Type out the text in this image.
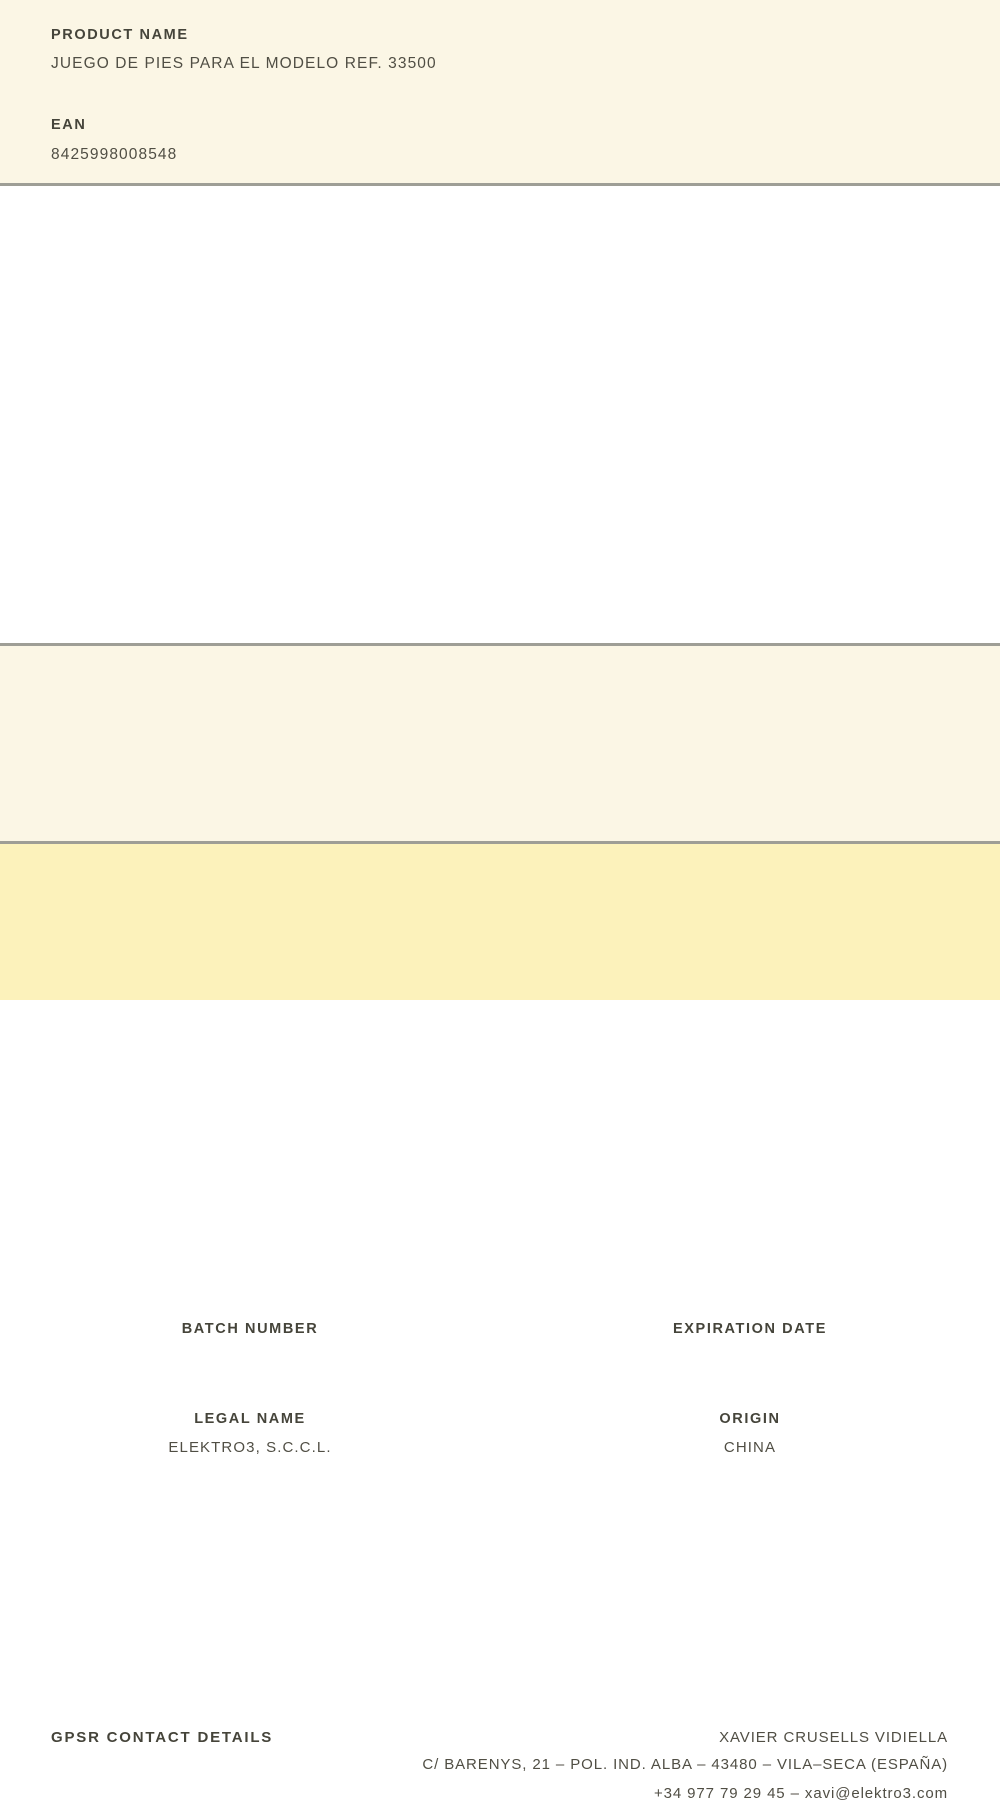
PRODUCT NAME
JUEGO DE PIES PARA EL MODELO REF. 33500
EAN
8425998008548
BATCH NUMBER	EXPIRATION DATE
LEGAL NAME
ELEKTRO3, S.C.C.L.
ORIGIN
CHINA
GPSR CONTACT DETAILS	XAVIER CRUSELLS VIDIELLA
C/ BARENYS, 21 – POL. IND. ALBA – 43480 – VILA–SECA (ESPAÑA)
+34 977 79 29 45 – xavi@elektro3.com
